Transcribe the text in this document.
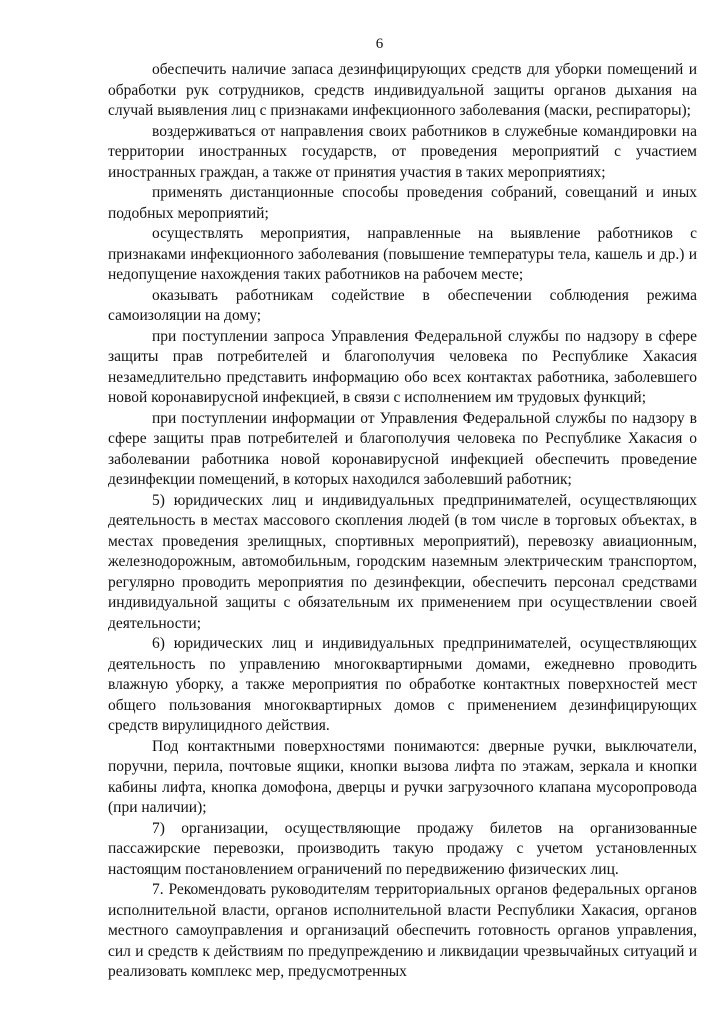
6

обеспечить наличие запаса дезинфицирующих средств для уборки помещений и обработки рук сотрудников, средств индивидуальной защиты органов дыхания на случай выявления лиц с признаками инфекционного заболевания (маски, респираторы);

воздерживаться от направления своих работников в служебные командировки на территории иностранных государств, от проведения мероприятий с участием иностранных граждан, а также от принятия участия в таких мероприятиях;

применять дистанционные способы проведения собраний, совещаний и иных подобных мероприятий;

осуществлять мероприятия, направленные на выявление работников с признаками инфекционного заболевания (повышение температуры тела, кашель и др.) и недопущение нахождения таких работников на рабочем месте;

оказывать работникам содействие в обеспечении соблюдения режима самоизоляции на дому;

при поступлении запроса Управления Федеральной службы по надзору в сфере защиты прав потребителей и благополучия человека по Республике Хакасия незамедлительно представить информацию обо всех контактах работника, заболевшего новой коронавирусной инфекцией, в связи с исполнением им трудовых функций;

при поступлении информации от Управления Федеральной службы по надзору в сфере защиты прав потребителей и благополучия человека по Республике Хакасия о заболевании работника новой коронавирусной инфекцией обеспечить проведение дезинфекции помещений, в которых находился заболевший работник;

5) юридических лиц и индивидуальных предпринимателей, осуществляющих деятельность в местах массового скопления людей (в том числе в торговых объектах, в местах проведения зрелищных, спортивных мероприятий), перевозку авиационным, железнодорожным, автомобильным, городским наземным электрическим транспортом, регулярно проводить мероприятия по дезинфекции, обеспечить персонал средствами индивидуальной защиты с обязательным их применением при осуществлении своей деятельности;

6) юридических лиц и индивидуальных предпринимателей, осуществляющих деятельность по управлению многоквартирными домами, ежедневно проводить влажную уборку, а также мероприятия по обработке контактных поверхностей мест общего пользования многоквартирных домов с применением дезинфицирующих средств вирулицидного действия.

Под контактными поверхностями понимаются: дверные ручки, выключатели, поручни, перила, почтовые ящики, кнопки вызова лифта по этажам, зеркала и кнопки кабины лифта, кнопка домофона, дверцы и ручки загрузочного клапана мусоропровода (при наличии);

7) организации, осуществляющие продажу билетов на организованные пассажирские перевозки, производить такую продажу с учетом установленных настоящим постановлением ограничений по передвижению физических лиц.

7. Рекомендовать руководителям территориальных органов федеральных органов исполнительной власти, органов исполнительной власти Республики Хакасия, органов местного самоуправления и организаций обеспечить готовность органов управления, сил и средств к действиям по предупреждению и ликвидации чрезвычайных ситуаций и реализовать комплекс мер, предусмотренных
